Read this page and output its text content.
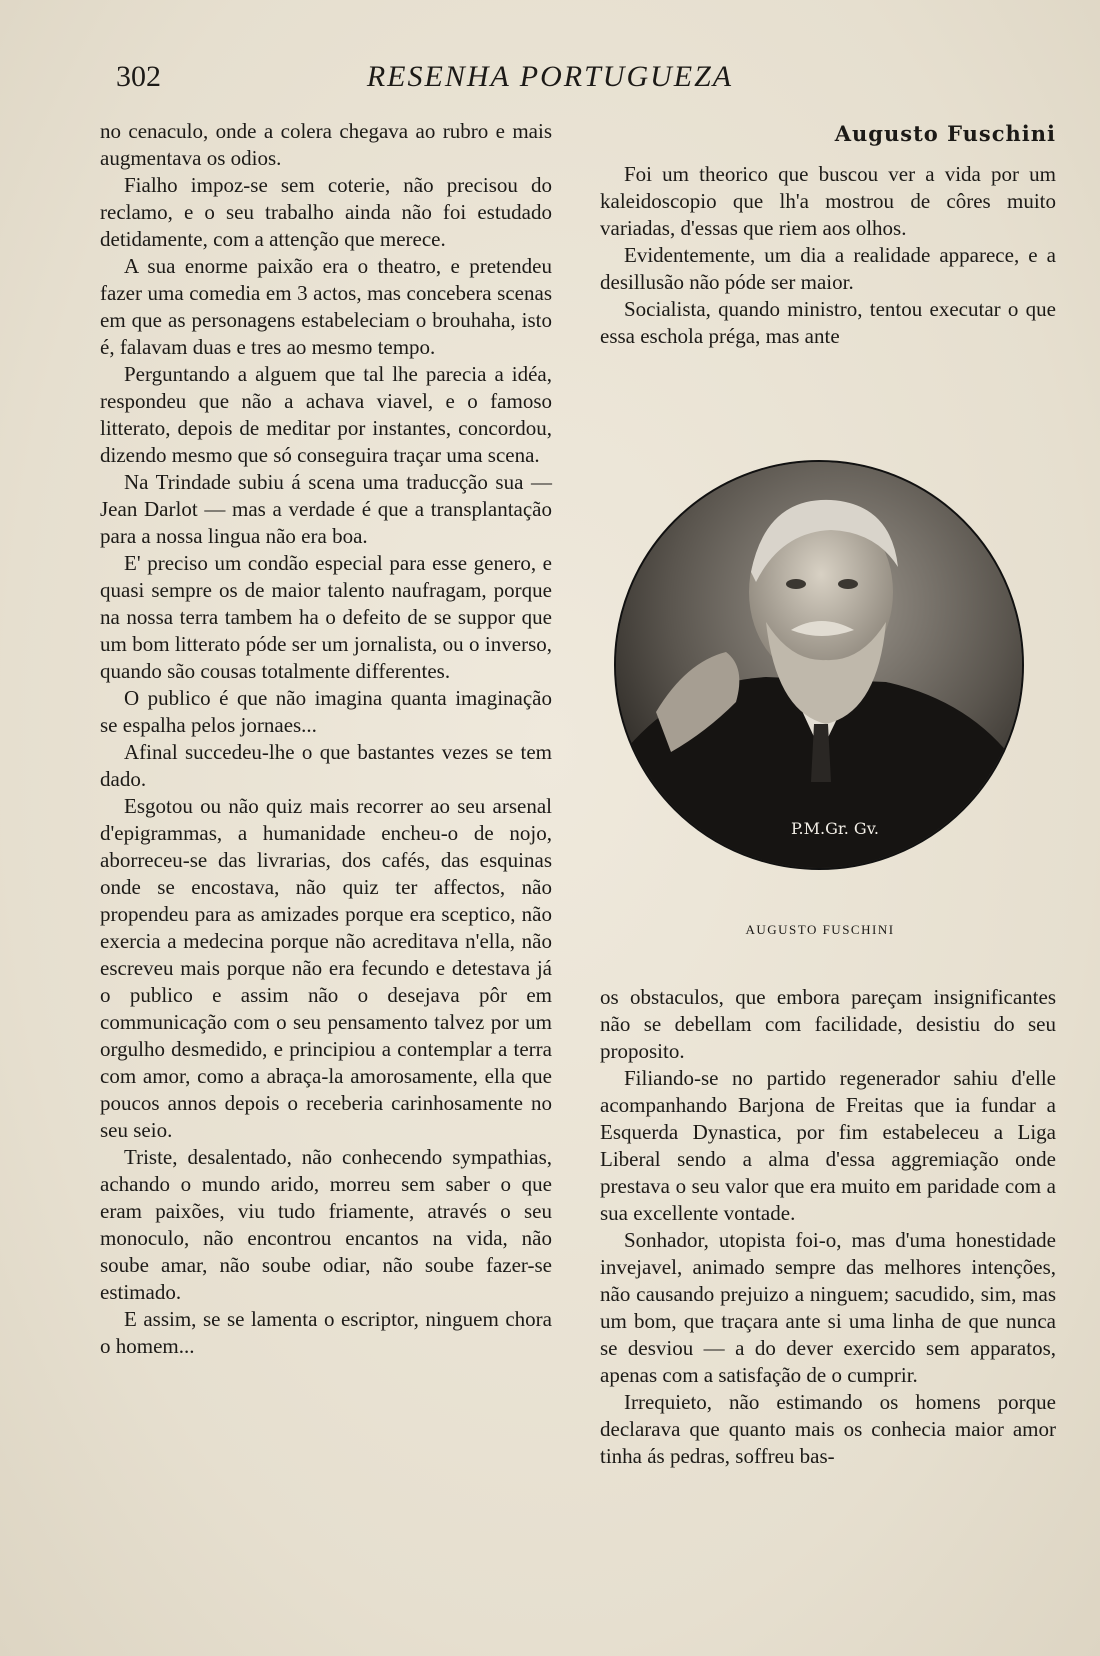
302	RESENHA PORTUGUEZA

no cenaculo, onde a colera chegava ao rubro e mais augmentava os odios.

Fialho impoz-se sem coterie, não precisou do reclamo, e o seu trabalho ainda não foi estudado detidamente, com a attenção que merece.

A sua enorme paixão era o theatro, e pretendeu fazer uma comedia em 3 actos, mas concebera scenas em que as personagens estabeleciam o brouhaha, isto é, falavam duas e tres ao mesmo tempo.

Perguntando a alguem que tal lhe parecia a idéa, respondeu que não a achava viavel, e o famoso litterato, depois de meditar por instantes, concordou, dizendo mesmo que só conseguira traçar uma scena.

Na Trindade subiu á scena uma traducção sua — Jean Darlot — mas a verdade é que a transplantação para a nossa lingua não era boa.

E' preciso um condão especial para esse genero, e quasi sempre os de maior talento naufragam, porque na nossa terra tambem ha o defeito de se suppor que um bom litterato póde ser um jornalista, ou o inverso, quando são cousas totalmente differentes.

O publico é que não imagina quanta imaginação se espalha pelos jornaes...

Afinal succedeu-lhe o que bastantes vezes se tem dado.

Esgotou ou não quiz mais recorrer ao seu arsenal d'epigrammas, a humanidade encheu-o de nojo, aborreceu-se das livrarias, dos cafés, das esquinas onde se encostava, não quiz ter affectos, não propendeu para as amizades porque era sceptico, não exercia a medecina porque não acreditava n'ella, não escreveu mais porque não era fecundo e detestava já o publico e assim não o desejava pôr em communicação com o seu pensamento talvez por um orgulho desmedido, e principiou a contemplar a terra com amor, como a abraça-la amorosamente, ella que poucos annos depois o receberia carinhosamente no seu seio.

Triste, desalentado, não conhecendo sympathias, achando o mundo arido, morreu sem saber o que eram paixões, viu tudo friamente, através o seu monoculo, não encontrou encantos na vida, não soube amar, não soube odiar, não soube fazer-se estimado.

E assim, se se lamenta o escriptor, ninguem chora o homem...

Augusto Fuschini

Foi um theorico que buscou ver a vida por um kaleidoscopio que lh'a mostrou de côres muito variadas, d'essas que riem aos olhos.

Evidentemente, um dia a realidade apparece, e a desillusão não póde ser maior.

Socialista, quando ministro, tentou executar o que essa eschola préga, mas ante

P.M.Gr. Gv.
AUGUSTO FUSCHINI

os obstaculos, que embora pareçam insignificantes não se debellam com facilidade, desistiu do seu proposito.

Filiando-se no partido regenerador sahiu d'elle acompanhando Barjona de Freitas que ia fundar a Esquerda Dynastica, por fim estabeleceu a Liga Liberal sendo a alma d'essa aggremiação onde prestava o seu valor que era muito em paridade com a sua excellente vontade.

Sonhador, utopista foi-o, mas d'uma honestidade invejavel, animado sempre das melhores intenções, não causando prejuizo a ninguem; sacudido, sim, mas um bom, que traçara ante si uma linha de que nunca se desviou — a do dever exercido sem apparatos, apenas com a satisfação de o cumprir.

Irrequieto, não estimando os homens porque declarava que quanto mais os conhecia maior amor tinha ás pedras, soffreu bas-
